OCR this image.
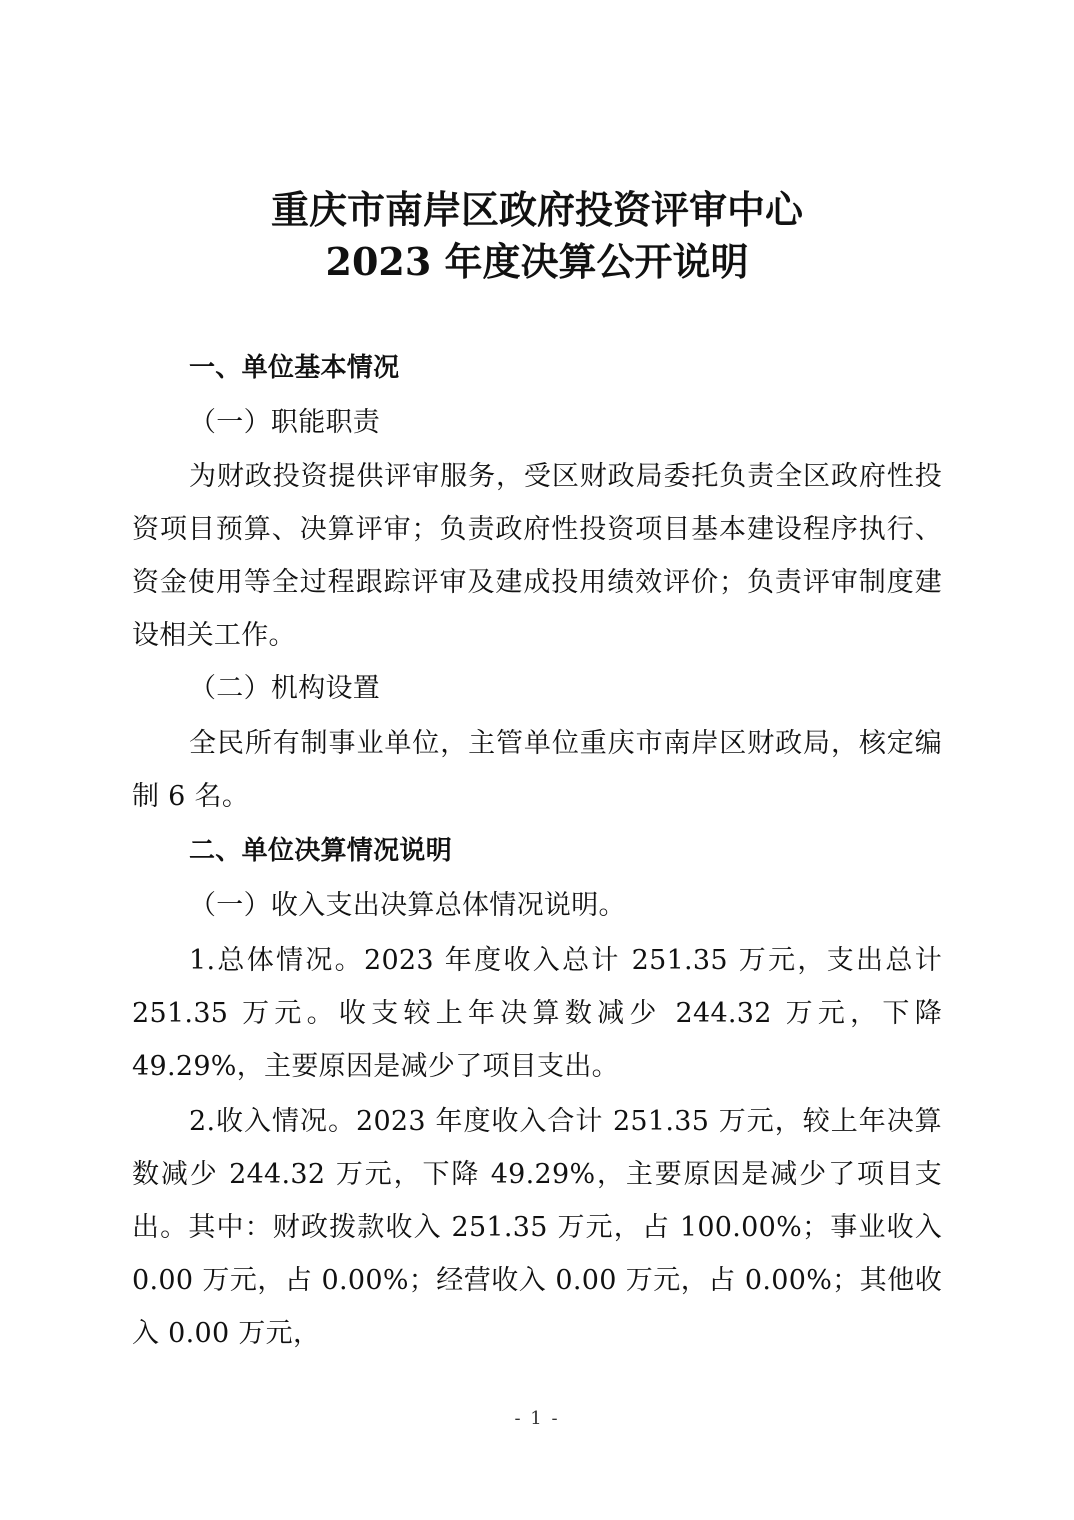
重庆市南岸区政府投资评审中心
2023 年度决算公开说明

一、单位基本情况

（一）职能职责

为财政投资提供评审服务，受区财政局委托负责全区政府性投资项目预算、决算评审；负责政府性投资项目基本建设程序执行、资金使用等全过程跟踪评审及建成投用绩效评价；负责评审制度建设相关工作。

（二）机构设置

全民所有制事业单位，主管单位重庆市南岸区财政局，核定编制 6 名。

二、单位决算情况说明

（一）收入支出决算总体情况说明。

1.总体情况。2023 年度收入总计 251.35 万元，支出总计 251.35 万元。收支较上年决算数减少 244.32 万元，下降 49.29%，主要原因是减少了项目支出。

2.收入情况。2023 年度收入合计 251.35 万元，较上年决算数减少 244.32 万元，下降 49.29%，主要原因是减少了项目支出。其中：财政拨款收入 251.35 万元，占 100.00%；事业收入 0.00 万元，占 0.00%；经营收入 0.00 万元，占 0.00%；其他收入 0.00 万元，

- 1 -
